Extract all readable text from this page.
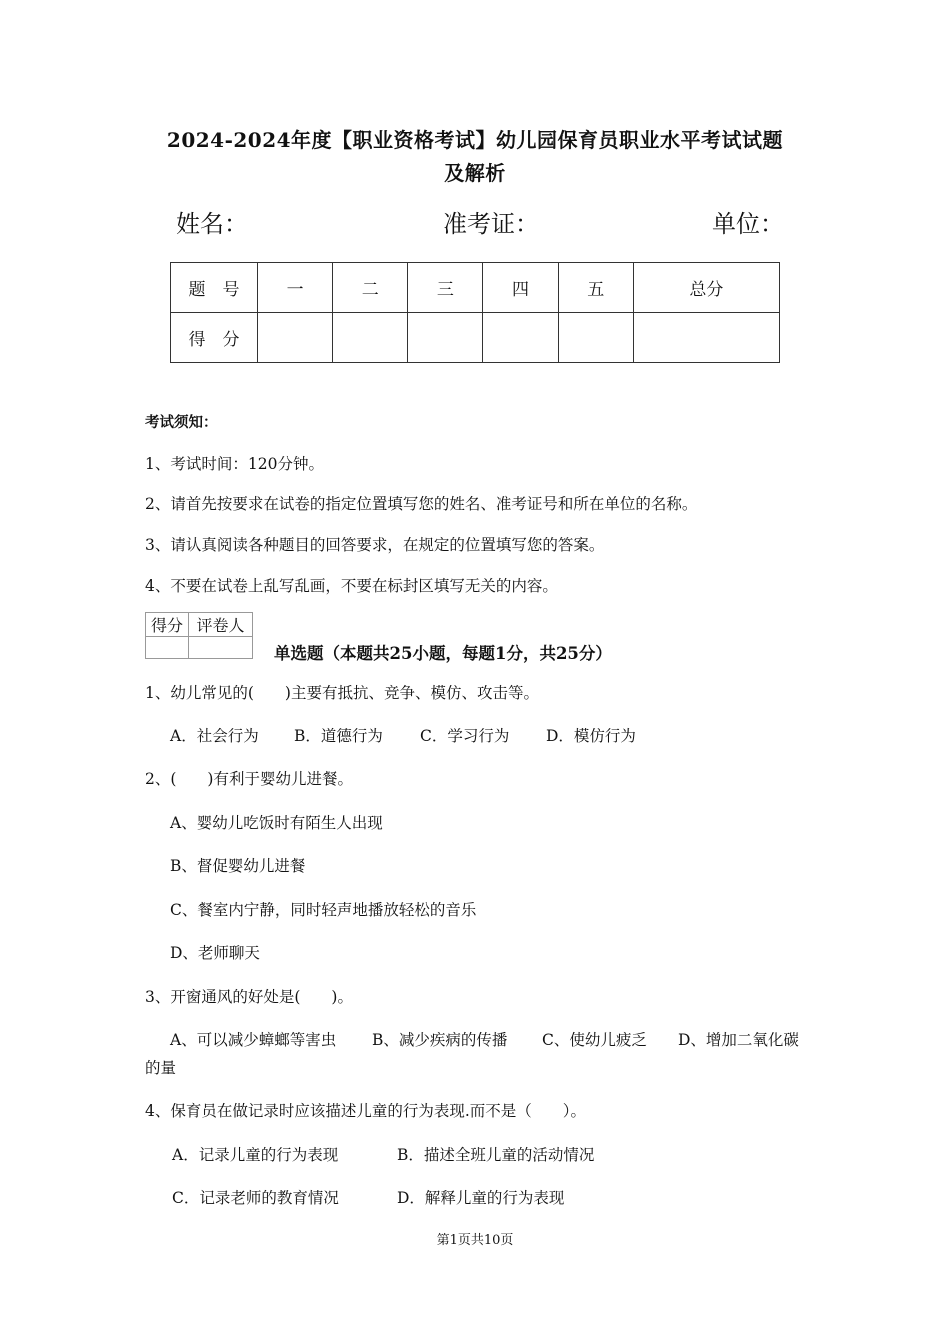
2024-2024年度【职业资格考试】幼儿园保育员职业水平考试试题
及解析
姓名：	准考证：	单位：
题　号	一	二	三	四	五	总分
得　分						
考试须知：
1、考试时间：120分钟。
2、请首先按要求在试卷的指定位置填写您的姓名、准考证号和所在单位的名称。
3、请认真阅读各种题目的回答要求，在规定的位置填写您的答案。
4、不要在试卷上乱写乱画，不要在标封区填写无关的内容。
得分	评卷人

单选题（本题共25小题，每题1分，共25分）
1、幼儿常见的(　　)主要有抵抗、竞争、模仿、攻击等。
A．社会行为 B．道德行为 C．学习行为 D．模仿行为
2、(　　)有利于婴幼儿进餐。
A、婴幼儿吃饭时有陌生人出现
B、督促婴幼儿进餐
C、餐室内宁静，同时轻声地播放轻松的音乐
D、老师聊天
3、开窗通风的好处是(　　)。
A、可以减少蟑螂等害虫 B、减少疾病的传播 C、使幼儿疲乏 D、增加二氧化碳
的量
4、保育员在做记录时应该描述儿童的行为表现.而不是（　　）。
A．记录儿童的行为表现	B．描述全班儿童的活动情况
C．记录老师的教育情况	D．解释儿童的行为表现
第1页共10页
